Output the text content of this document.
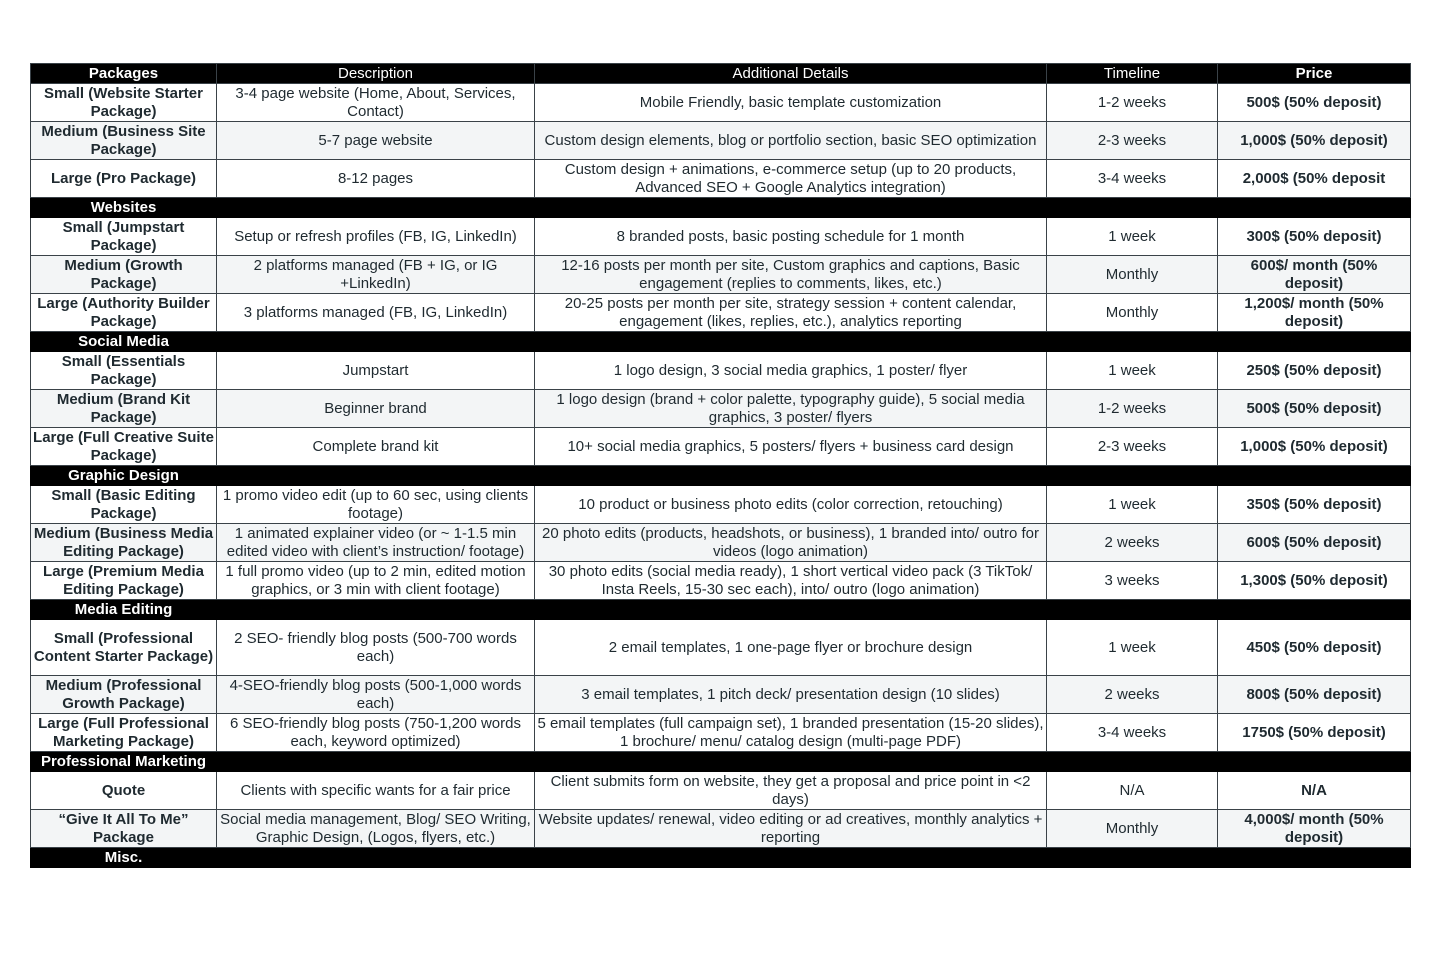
Packages	Description	Additional Details	Timeline	Price
Small (Website Starter Package)	3-4 page website (Home, About, Services, Contact)	Mobile Friendly, basic template customization	1-2 weeks	500$ (50% deposit)
Medium (Business Site Package)	5-7 page website	Custom design elements, blog or portfolio section, basic SEO optimization	2-3 weeks	1,000$ (50% deposit)
Large (Pro Package)	8-12 pages	Custom design + animations, e-commerce setup (up to 20 products, Advanced SEO + Google Analytics integration)	3-4 weeks	2,000$ (50% deposit
Websites				
Small (Jumpstart Package)	Setup or refresh profiles (FB, IG, LinkedIn)	8 branded posts, basic posting schedule for 1 month	1 week	300$ (50% deposit)
Medium (Growth Package)	2 platforms managed (FB + IG, or IG +LinkedIn)	12-16 posts per month per site, Custom graphics and captions, Basic engagement (replies to comments, likes, etc.)	Monthly	600$/ month (50% deposit)
Large (Authority Builder Package)	3 platforms managed (FB, IG, LinkedIn)	20-25 posts per month per site, strategy session + content calendar, engagement (likes, replies, etc.), analytics reporting	Monthly	1,200$/ month (50% deposit)
Social Media				
Small (Essentials Package)	Jumpstart	1 logo design, 3 social media graphics, 1 poster/ flyer	1 week	250$ (50% deposit)
Medium (Brand Kit Package)	Beginner brand	1 logo design (brand + color palette, typography guide), 5 social media graphics, 3 poster/ flyers	1-2 weeks	500$ (50% deposit)
Large (Full Creative Suite Package)	Complete brand kit	10+ social media graphics, 5 posters/ flyers + business card design	2-3 weeks	1,000$ (50% deposit)
Graphic Design				
Small (Basic Editing Package)	1 promo video edit (up to 60 sec, using clients footage)	10 product or business photo edits (color correction, retouching)	1 week	350$ (50% deposit)
Medium (Business Media Editing Package)	1 animated explainer video (or ~ 1-1.5 min edited video with client’s instruction/ footage)	20 photo edits (products, headshots, or business), 1 branded into/ outro for videos (logo animation)	2 weeks	600$ (50% deposit)
Large (Premium Media Editing Package)	1 full promo video (up to 2 min, edited motion graphics, or 3 min with client footage)	30 photo edits (social media ready), 1 short vertical video pack (3 TikTok/ Insta Reels, 15-30 sec each), into/ outro (logo animation)	3 weeks	1,300$ (50% deposit)
Media Editing				
Small (Professional Content Starter Package)	2 SEO- friendly blog posts (500-700 words each)	2 email templates, 1 one-page flyer or brochure design	1 week	450$ (50% deposit)
Medium (Professional Growth Package)	4-SEO-friendly blog posts (500-1,000 words each)	3 email templates, 1 pitch deck/ presentation design (10 slides)	2 weeks	800$ (50% deposit)
Large (Full Professional Marketing Package)	6 SEO-friendly blog posts (750-1,200 words each, keyword optimized)	5 email templates (full campaign set), 1 branded presentation (15-20 slides), 1 brochure/ menu/ catalog design (multi-page PDF)	3-4 weeks	1750$ (50% deposit)
Professional Marketing				
Quote	Clients with specific wants for a fair price	Client submits form on website, they get a proposal and price point in <2 days)	N/A	N/A
“Give It All To Me” Package	Social media management, Blog/ SEO Writing, Graphic Design, (Logos, flyers, etc.)	Website updates/ renewal, video editing or ad creatives, monthly analytics + reporting	Monthly	4,000$/ month (50% deposit)
Misc.				
